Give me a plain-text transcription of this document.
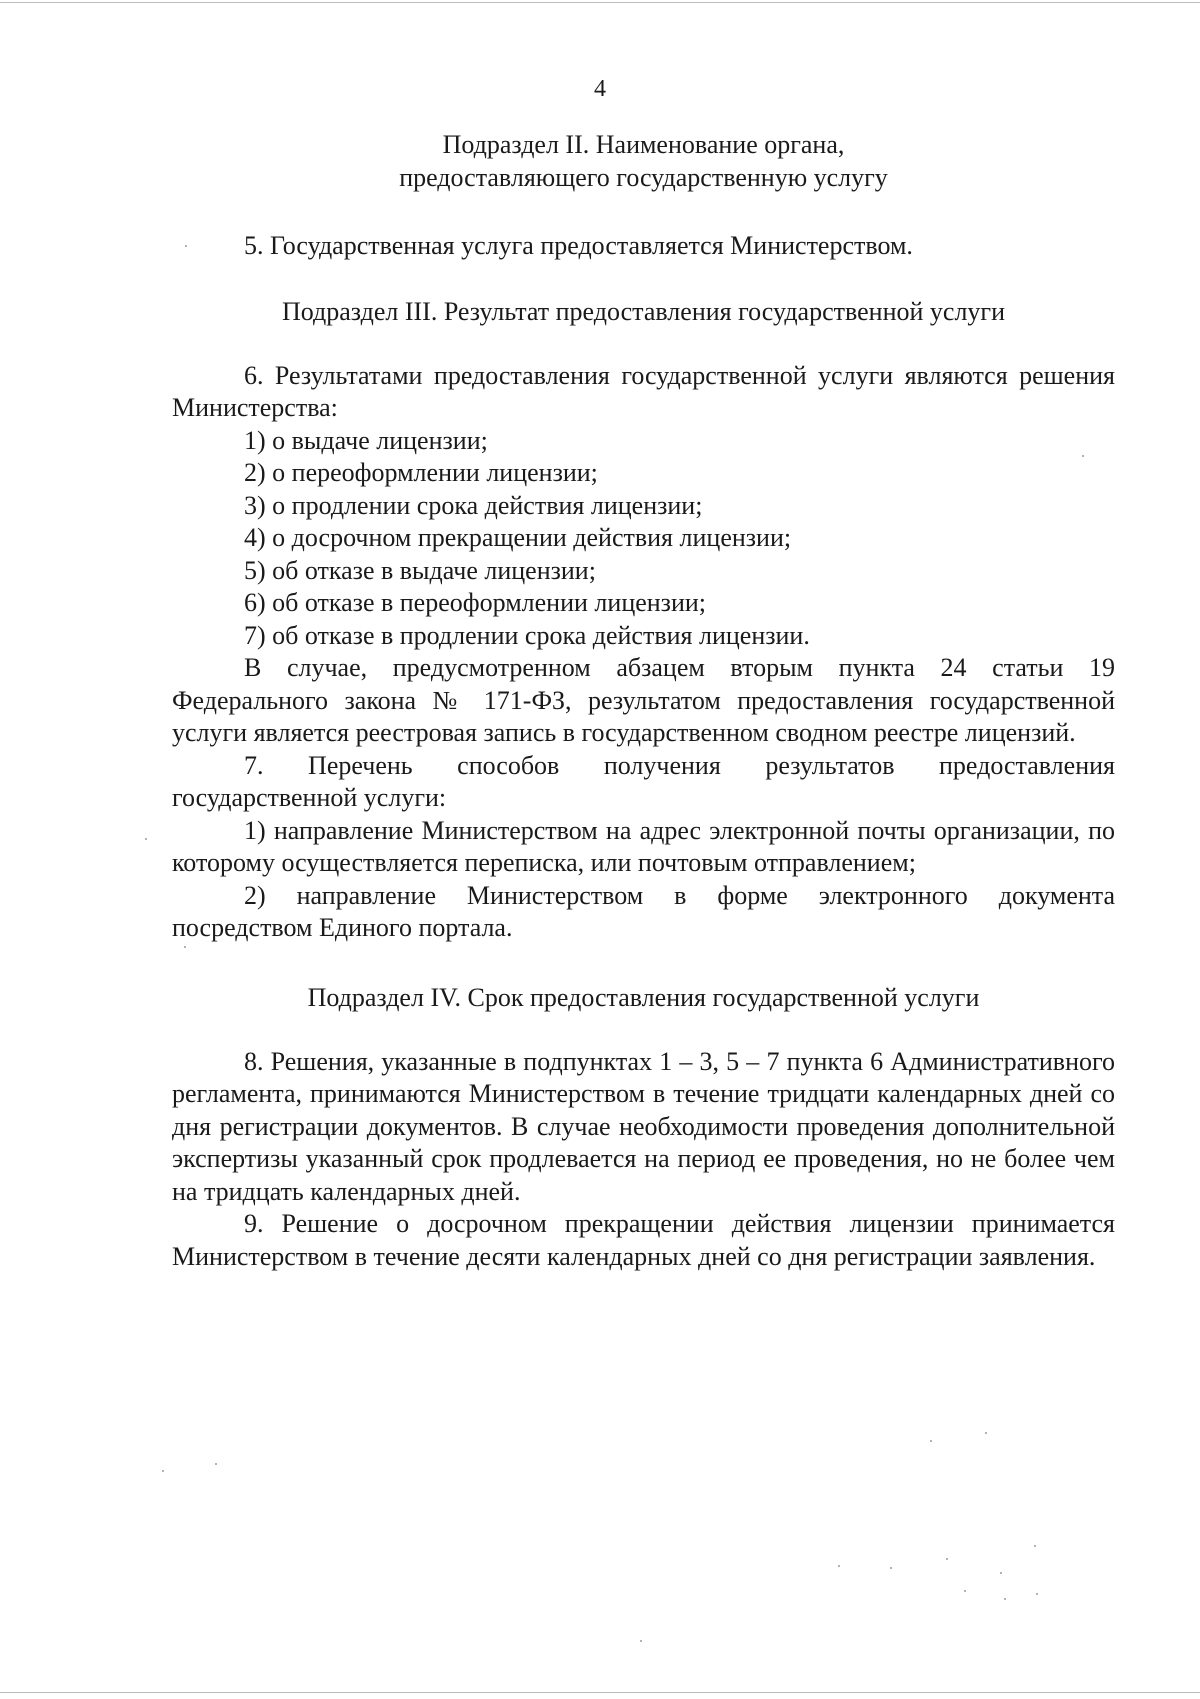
4
Подраздел II. Наименование органа,
предоставляющего государственную услугу

5. Государственная услуга предоставляется Министерством.

Подраздел III. Результат предоставления государственной услуги

6. Результатами предоставления государственной услуги являются решения Министерства:

1) о выдаче лицензии;

2) о переоформлении лицензии;

3) о продлении срока действия лицензии;

4) о досрочном прекращении действия лицензии;

5) об отказе в выдаче лицензии;

6) об отказе в переоформлении лицензии;

7) об отказе в продлении срока действия лицензии.

В случае, предусмотренном абзацем вторым пункта 24 статьи 19 Федерального закона № 171-ФЗ, результатом предоставления государственной услуги является реестровая запись в государственном сводном реестре лицензий.

7. Перечень способов получения результатов предоставления государственной услуги:

1) направление Министерством на адрес электронной почты организации, по которому осуществляется переписка, или почтовым отправлением;

2) направление Министерством в форме электронного документа посредством Единого портала.

Подраздел IV. Срок предоставления государственной услуги

8. Решения, указанные в подпунктах 1 – 3, 5 – 7 пункта 6 Административного регламента, принимаются Министерством в течение тридцати календарных дней со дня регистрации документов. В случае необходимости проведения дополнительной экспертизы указанный срок продлевается на период ее проведения, но не более чем на тридцать календарных дней.

9. Решение о досрочном прекращении действия лицензии принимается Министерством в течение десяти календарных дней со дня регистрации заявления.
